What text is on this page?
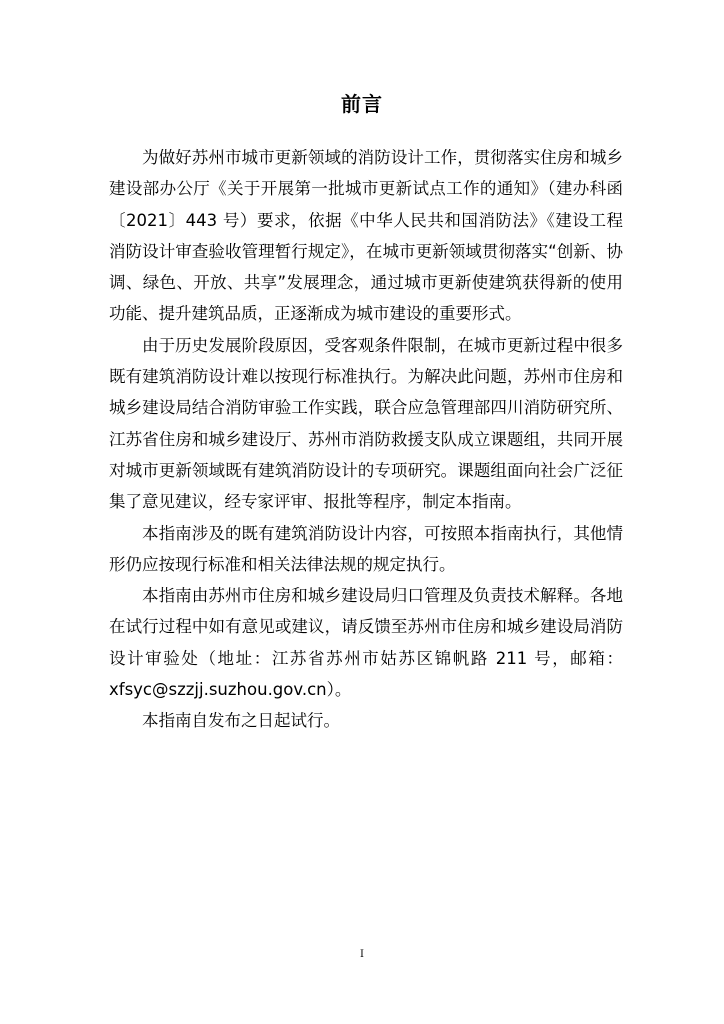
前言

为做好苏州市城市更新领域的消防设计工作，贯彻落实住房和城乡建设部办公厅《关于开展第一批城市更新试点工作的通知》（建办科函〔2021〕443 号）要求，依据《中华人民共和国消防法》《建设工程消防设计审查验收管理暂行规定》，在城市更新领域贯彻落实“创新、协调、绿色、开放、共享”发展理念，通过城市更新使建筑获得新的使用功能、提升建筑品质，正逐渐成为城市建设的重要形式。

由于历史发展阶段原因，受客观条件限制，在城市更新过程中很多既有建筑消防设计难以按现行标准执行。为解决此问题，苏州市住房和城乡建设局结合消防审验工作实践，联合应急管理部四川消防研究所、江苏省住房和城乡建设厅、苏州市消防救援支队成立课题组，共同开展对城市更新领域既有建筑消防设计的专项研究。课题组面向社会广泛征集了意见建议，经专家评审、报批等程序，制定本指南。

本指南涉及的既有建筑消防设计内容，可按照本指南执行，其他情形仍应按现行标准和相关法律法规的规定执行。

本指南由苏州市住房和城乡建设局归口管理及负责技术解释。各地在试行过程中如有意见或建议，请反馈至苏州市住房和城乡建设局消防设计审验处（地址：江苏省苏州市姑苏区锦帆路 211 号，邮箱：xfsyc@szzjj.suzhou.gov.cn）。

本指南自发布之日起试行。

I
